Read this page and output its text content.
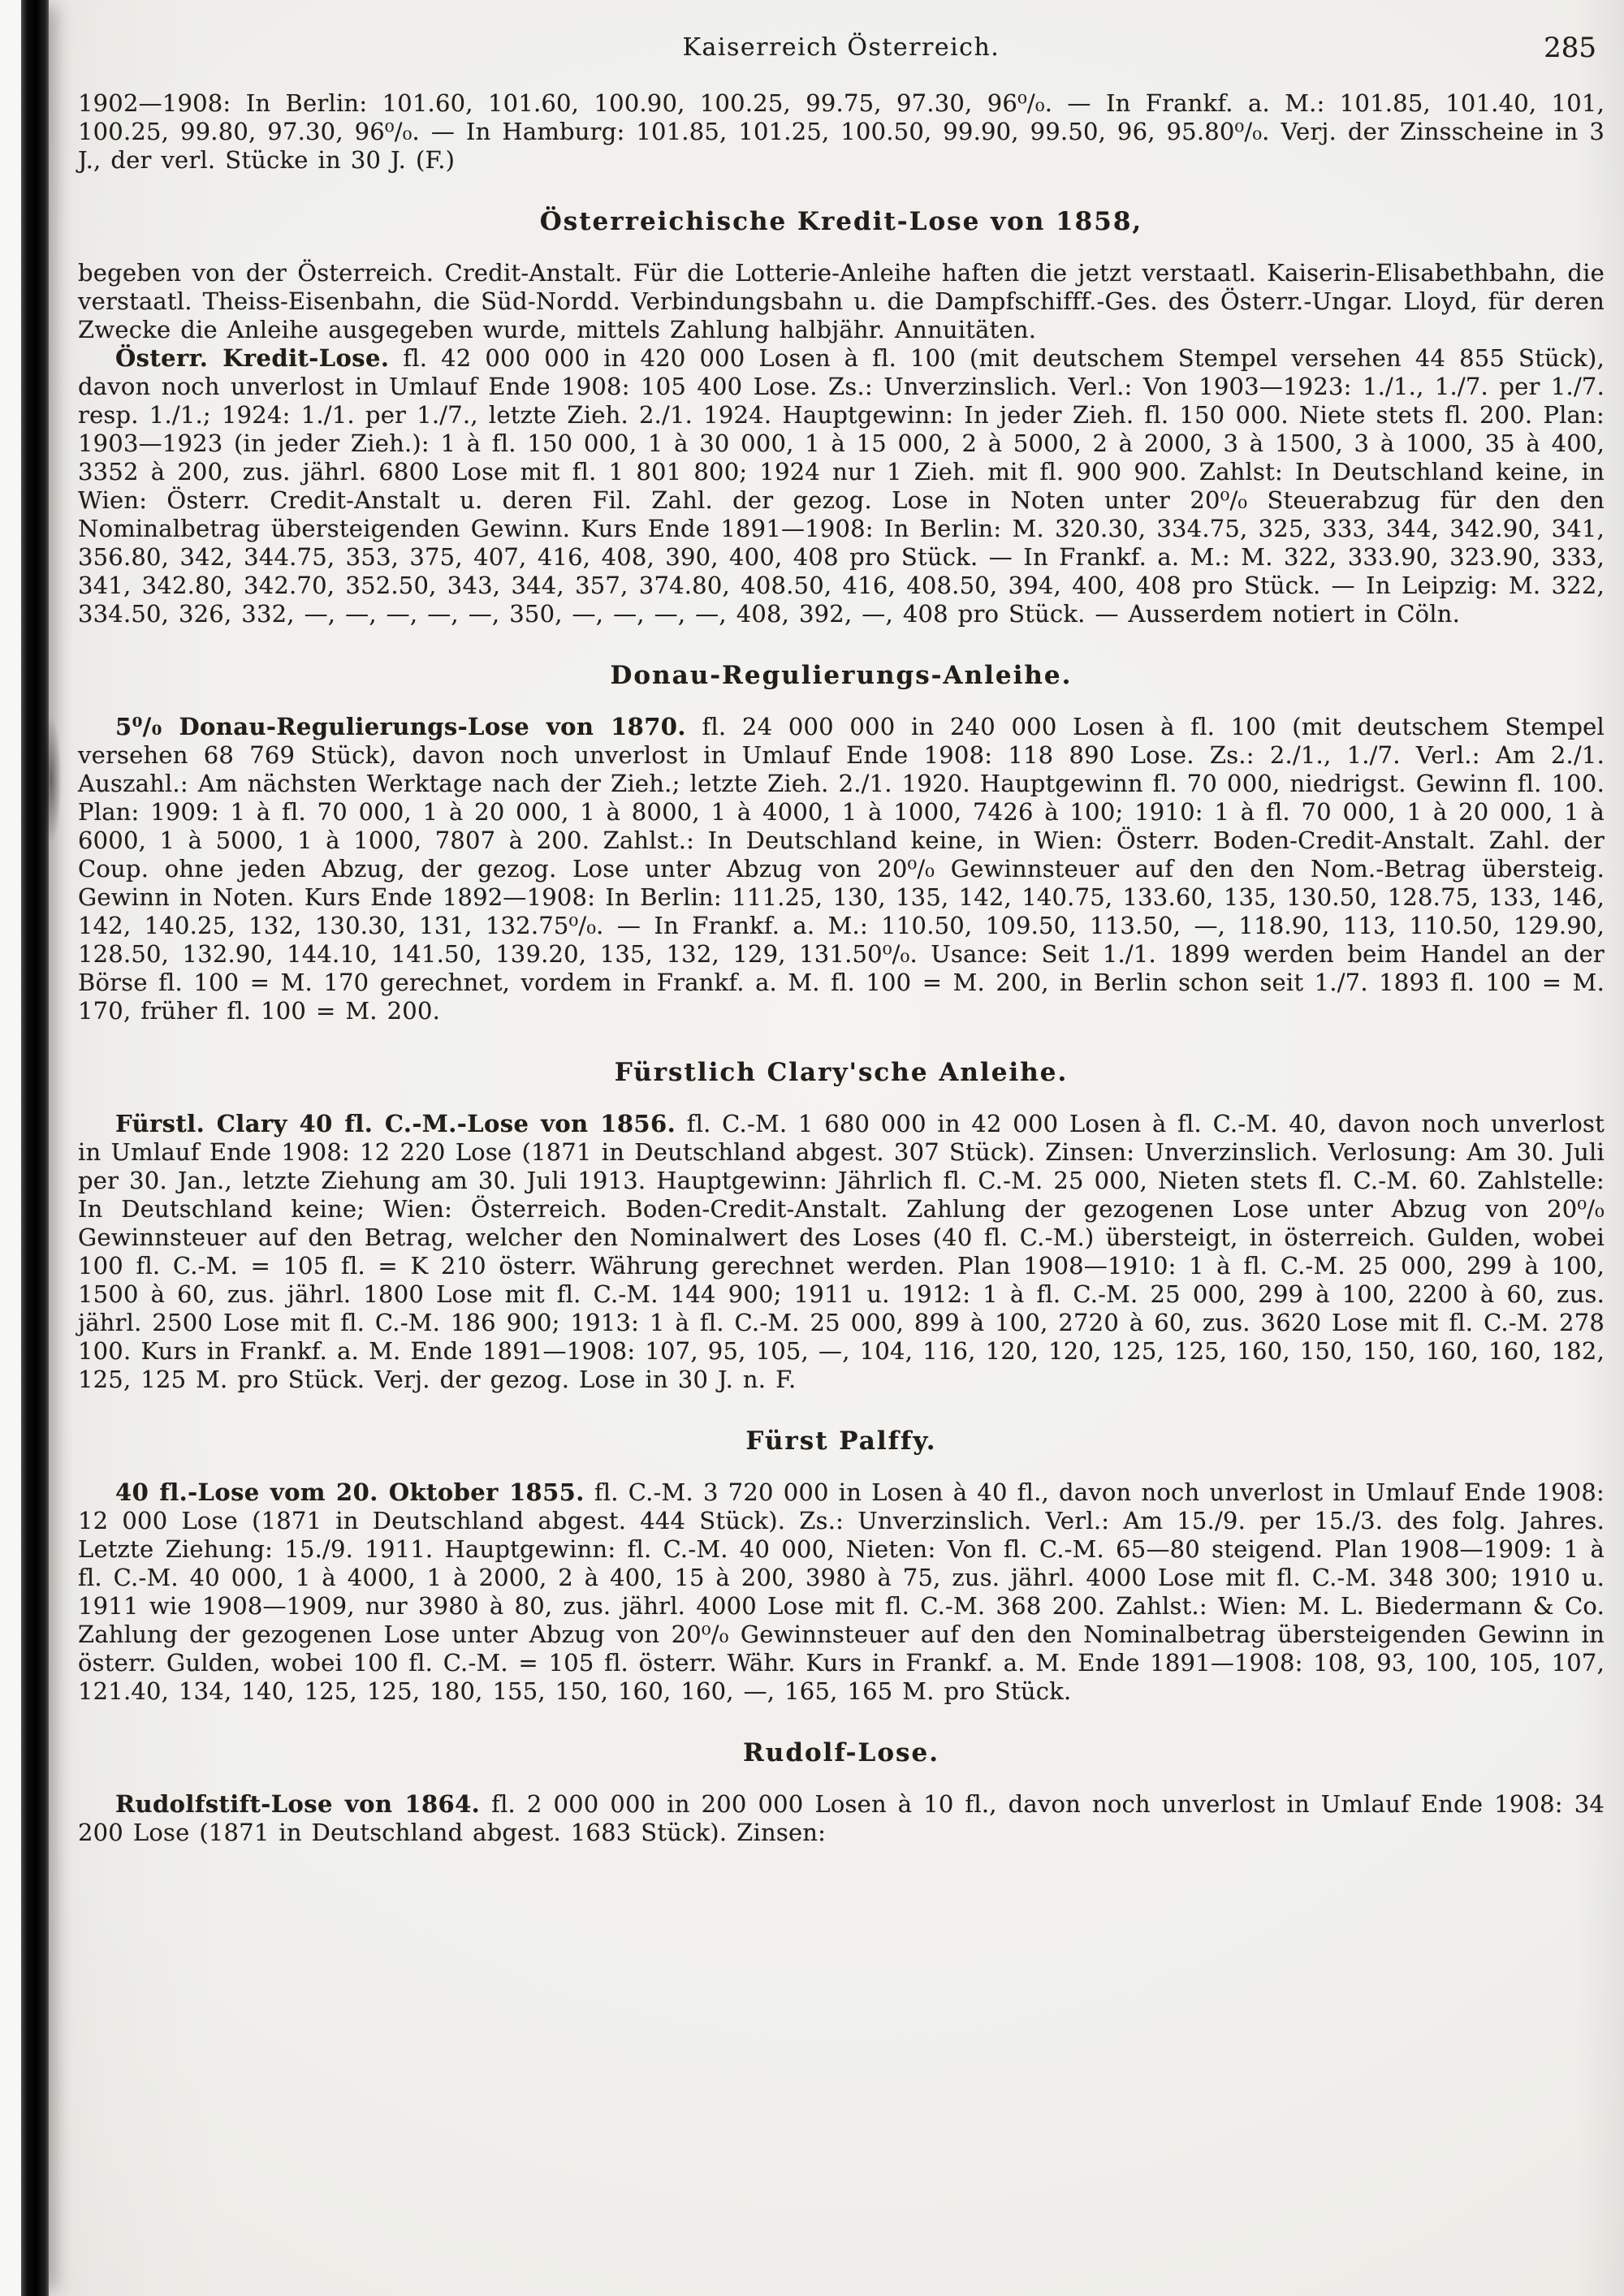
Kaiserreich Österreich.	285

1902—1908: In Berlin: 101.60, 101.60, 100.90, 100.25, 99.75, 97.30, 96⁰/₀. — In Frankf. a. M.: 101.85, 101.40, 101, 100.25, 99.80, 97.30, 96⁰/₀. — In Hamburg: 101.85, 101.25, 100.50, 99.90, 99.50, 96, 95.80⁰/₀. Verj. der Zinsscheine in 3 J., der verl. Stücke in 30 J. (F.)

Österreichische Kredit-Lose von 1858,

begeben von der Österreich. Credit-Anstalt. Für die Lotterie-Anleihe haften die jetzt verstaatl. Kaiserin-Elisabethbahn, die verstaatl. Theiss-Eisenbahn, die Süd-Nordd. Verbindungsbahn u. die Dampfschifff.-Ges. des Österr.-Ungar. Lloyd, für deren Zwecke die Anleihe ausgegeben wurde, mittels Zahlung halbjähr. Annuitäten.

Österr. Kredit-Lose. fl. 42 000 000 in 420 000 Losen à fl. 100 (mit deutschem Stempel versehen 44 855 Stück), davon noch unverlost in Umlauf Ende 1908: 105 400 Lose. Zs.: Unverzinslich. Verl.: Von 1903—1923: 1./1., 1./7. per 1./7. resp. 1./1.; 1924: 1./1. per 1./7., letzte Zieh. 2./1. 1924. Hauptgewinn: In jeder Zieh. fl. 150 000. Niete stets fl. 200. Plan: 1903—1923 (in jeder Zieh.): 1 à fl. 150 000, 1 à 30 000, 1 à 15 000, 2 à 5000, 2 à 2000, 3 à 1500, 3 à 1000, 35 à 400, 3352 à 200, zus. jährl. 6800 Lose mit fl. 1 801 800; 1924 nur 1 Zieh. mit fl. 900 900. Zahlst: In Deutschland keine, in Wien: Österr. Credit-Anstalt u. deren Fil. Zahl. der gezog. Lose in Noten unter 20⁰/₀ Steuerabzug für den den Nominalbetrag übersteigenden Gewinn. Kurs Ende 1891—1908: In Berlin: M. 320.30, 334.75, 325, 333, 344, 342.90, 341, 356.80, 342, 344.75, 353, 375, 407, 416, 408, 390, 400, 408 pro Stück. — In Frankf. a. M.: M. 322, 333.90, 323.90, 333, 341, 342.80, 342.70, 352.50, 343, 344, 357, 374.80, 408.50, 416, 408.50, 394, 400, 408 pro Stück. — In Leipzig: M. 322, 334.50, 326, 332, —, —, —, —, —, 350, —, —, —, —, 408, 392, —, 408 pro Stück. — Ausserdem notiert in Cöln.

Donau-Regulierungs-Anleihe.

5⁰/₀ Donau-Regulierungs-Lose von 1870. fl. 24 000 000 in 240 000 Losen à fl. 100 (mit deutschem Stempel versehen 68 769 Stück), davon noch unverlost in Umlauf Ende 1908: 118 890 Lose. Zs.: 2./1., 1./7. Verl.: Am 2./1. Auszahl.: Am nächsten Werktage nach der Zieh.; letzte Zieh. 2./1. 1920. Hauptgewinn fl. 70 000, niedrigst. Gewinn fl. 100. Plan: 1909: 1 à fl. 70 000, 1 à 20 000, 1 à 8000, 1 à 4000, 1 à 1000, 7426 à 100; 1910: 1 à fl. 70 000, 1 à 20 000, 1 à 6000, 1 à 5000, 1 à 1000, 7807 à 200. Zahlst.: In Deutschland keine, in Wien: Österr. Boden-Credit-Anstalt. Zahl. der Coup. ohne jeden Abzug, der gezog. Lose unter Abzug von 20⁰/₀ Gewinnsteuer auf den den Nom.-Betrag übersteig. Gewinn in Noten. Kurs Ende 1892—1908: In Berlin: 111.25, 130, 135, 142, 140.75, 133.60, 135, 130.50, 128.75, 133, 146, 142, 140.25, 132, 130.30, 131, 132.75⁰/₀. — In Frankf. a. M.: 110.50, 109.50, 113.50, —, 118.90, 113, 110.50, 129.90, 128.50, 132.90, 144.10, 141.50, 139.20, 135, 132, 129, 131.50⁰/₀. Usance: Seit 1./1. 1899 werden beim Handel an der Börse fl. 100 = M. 170 gerechnet, vordem in Frankf. a. M. fl. 100 = M. 200, in Berlin schon seit 1./7. 1893 fl. 100 = M. 170, früher fl. 100 = M. 200.

Fürstlich Clary'sche Anleihe.

Fürstl. Clary 40 fl. C.-M.-Lose von 1856. fl. C.-M. 1 680 000 in 42 000 Losen à fl. C.-M. 40, davon noch unverlost in Umlauf Ende 1908: 12 220 Lose (1871 in Deutschland abgest. 307 Stück). Zinsen: Unverzinslich. Verlosung: Am 30. Juli per 30. Jan., letzte Ziehung am 30. Juli 1913. Hauptgewinn: Jährlich fl. C.-M. 25 000, Nieten stets fl. C.-M. 60. Zahlstelle: In Deutschland keine; Wien: Österreich. Boden-Credit-Anstalt. Zahlung der gezogenen Lose unter Abzug von 20⁰/₀ Gewinnsteuer auf den Betrag, welcher den Nominalwert des Loses (40 fl. C.-M.) übersteigt, in österreich. Gulden, wobei 100 fl. C.-M. = 105 fl. = K 210 österr. Währung gerechnet werden. Plan 1908—1910: 1 à fl. C.-M. 25 000, 299 à 100, 1500 à 60, zus. jährl. 1800 Lose mit fl. C.-M. 144 900; 1911 u. 1912: 1 à fl. C.-M. 25 000, 299 à 100, 2200 à 60, zus. jährl. 2500 Lose mit fl. C.-M. 186 900; 1913: 1 à fl. C.-M. 25 000, 899 à 100, 2720 à 60, zus. 3620 Lose mit fl. C.-M. 278 100. Kurs in Frankf. a. M. Ende 1891—1908: 107, 95, 105, —, 104, 116, 120, 120, 125, 125, 160, 150, 150, 160, 160, 182, 125, 125 M. pro Stück. Verj. der gezog. Lose in 30 J. n. F.

Fürst Palffy.

40 fl.-Lose vom 20. Oktober 1855. fl. C.-M. 3 720 000 in Losen à 40 fl., davon noch unverlost in Umlauf Ende 1908: 12 000 Lose (1871 in Deutschland abgest. 444 Stück). Zs.: Unverzinslich. Verl.: Am 15./9. per 15./3. des folg. Jahres. Letzte Ziehung: 15./9. 1911. Hauptgewinn: fl. C.-M. 40 000, Nieten: Von fl. C.-M. 65—80 steigend. Plan 1908—1909: 1 à fl. C.-M. 40 000, 1 à 4000, 1 à 2000, 2 à 400, 15 à 200, 3980 à 75, zus. jährl. 4000 Lose mit fl. C.-M. 348 300; 1910 u. 1911 wie 1908—1909, nur 3980 à 80, zus. jährl. 4000 Lose mit fl. C.-M. 368 200. Zahlst.: Wien: M. L. Biedermann & Co. Zahlung der gezogenen Lose unter Abzug von 20⁰/₀ Gewinnsteuer auf den den Nominalbetrag übersteigenden Gewinn in österr. Gulden, wobei 100 fl. C.-M. = 105 fl. österr. Währ. Kurs in Frankf. a. M. Ende 1891—1908: 108, 93, 100, 105, 107, 121.40, 134, 140, 125, 125, 180, 155, 150, 160, 160, —, 165, 165 M. pro Stück.

Rudolf-Lose.

Rudolfstift-Lose von 1864. fl. 2 000 000 in 200 000 Losen à 10 fl., davon noch unverlost in Umlauf Ende 1908: 34 200 Lose (1871 in Deutschland abgest. 1683 Stück). Zinsen:
